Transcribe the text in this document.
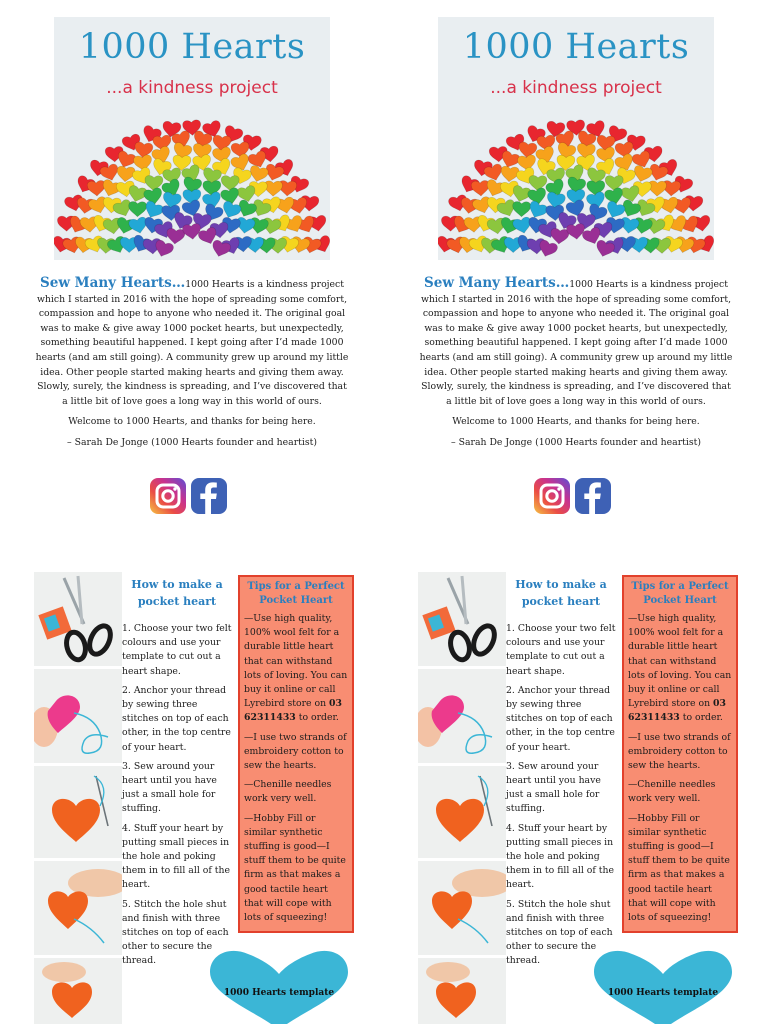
1000 Hearts
...a kindness project

Sew Many Hearts…1000 Hearts is a kindness project which I started in 2016 with the hope of spreading some comfort, compassion and hope to anyone who needed it. The original goal was to make & give away 1000 pocket hearts, but unexpectedly, something beautiful happened. I kept going after I’d made 1000 hearts (and am still going). A community grew up around my little idea. Other people started making hearts and giving them away. Slowly, surely, the kindness is spreading, and I’ve discovered that a little bit of love goes a long way in this world of ours.

Welcome to 1000 Hearts, and thanks for being here.

– Sarah De Jonge (1000 Hearts founder and heartist)

How to make a pocket heart

1. Choose your two felt colours and use your template to cut out a heart shape.

2. Anchor your thread by sewing three stitches on top of each other, in the top centre of your heart.

3. Sew around your heart until you have just a small hole for stuffing.

4. Stuff your heart by putting small pieces in the hole and poking them in to fill all of the heart.

5. Stitch the hole shut and finish with three stitches on top of each other to secure the thread.

Tips for a Perfect Pocket Heart

—Use high quality, 100% wool felt for a durable little heart that can withstand lots of loving. You can buy it online or call Lyrebird store on 03 62311433 to order.

—I use two strands of embroidery cotton to sew the hearts.

—Chenille needles work very well.

—Hobby Fill or similar synthetic stuffing is good—I stuff them to be quite firm as that makes a good tactile heart that will cope with lots of squeezing!

1000 Hearts template
1000 Hearts
...a kindness project

Sew Many Hearts…1000 Hearts is a kindness project which I started in 2016 with the hope of spreading some comfort, compassion and hope to anyone who needed it. The original goal was to make & give away 1000 pocket hearts, but unexpectedly, something beautiful happened. I kept going after I’d made 1000 hearts (and am still going). A community grew up around my little idea. Other people started making hearts and giving them away. Slowly, surely, the kindness is spreading, and I’ve discovered that a little bit of love goes a long way in this world of ours.

Welcome to 1000 Hearts, and thanks for being here.

– Sarah De Jonge (1000 Hearts founder and heartist)

How to make a pocket heart

1. Choose your two felt colours and use your template to cut out a heart shape.

2. Anchor your thread by sewing three stitches on top of each other, in the top centre of your heart.

3. Sew around your heart until you have just a small hole for stuffing.

4. Stuff your heart by putting small pieces in the hole and poking them in to fill all of the heart.

5. Stitch the hole shut and finish with three stitches on top of each other to secure the thread.

Tips for a Perfect Pocket Heart

—Use high quality, 100% wool felt for a durable little heart that can withstand lots of loving. You can buy it online or call Lyrebird store on 03 62311433 to order.

—I use two strands of embroidery cotton to sew the hearts.

—Chenille needles work very well.

—Hobby Fill or similar synthetic stuffing is good—I stuff them to be quite firm as that makes a good tactile heart that will cope with lots of squeezing!

1000 Hearts template
